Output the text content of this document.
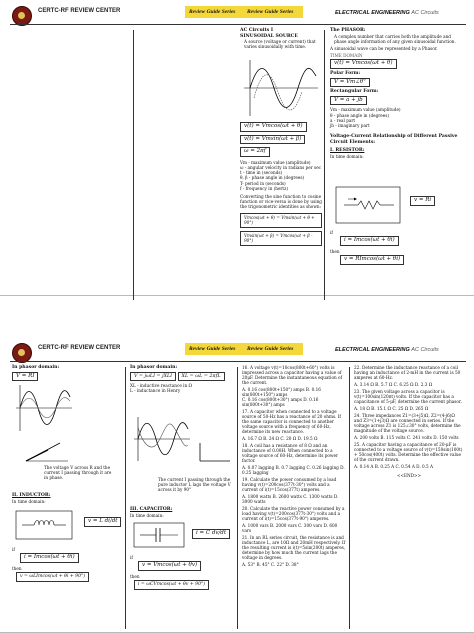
CERTC-RF REVIEW CENTER	Review Guide Series Review Guide Series	ELECTRICAL ENGINEERING AC Circuits
AC Circuits I
SINUSOIDAL SOURCE
A source (voltage or current) that varies sinusoidally with time.
v(t) = Vmcos(ωt + θ) v(t) = Vmsin(ωt + β) ω = 2πf
Vm - maximum value (amplitude)
ω - angular velocity in radians per sec
t - time in (seconds)
θ, β - phase angle in (degrees)
T- period in (seconds)
f - frequency in (hertz)
Converting the sine function to cosine function or vice-versa is done by using the trigonometric identities as shown:
Vmcos(ωt + θ) = Vmsin(ωt + θ + 90°) Vmsin(ωt + β) = Vmcos(ωt + β - 90°)
The PHASOR:
A complex number that carries both the amplitude and phase angle information of any given sinusoidal function.
A sinusoidal wave can be represented by a Phasor.
TIME DOMAIN
v(t) = Vmcos(ωt + θ)
Polar Form:
V = Vm∠θ°
Rectangular Form:
V = a + jb
Vm - maximum value (amplitude)
θ - phase angle in (degrees)
a - real part
jb - imaginary part
Voltage-Current Relationship of Different Passive Circuit Elements:
I. RESISTOR:
In time domain:
v = Ri
if
i = Imcos(ωt + θi)
then
v = RImcos(ωt + θi)
CERTC-RF REVIEW CENTER	Review Guide Series Review Guide Series	ELECTRICAL ENGINEERING AC Circuits
In phasor domain:
V = RI
The voltage V across R and the current I passing through it are in phase.
II. INDUCTOR:
In time domain:
v = L di/dt
if
i = Imcos(ωt + θi)
then
v = ωLImcos(ωt + θi + 90°)
In phasor domain:
V = jωLI = jXLI XL = ωL = 2πfL
XL - inductive reactance in Ω
L - inductance in Henry
The current I passing through the pure inductor L lags the voltage V across it by 90°
III. CAPACITOR:
In time domain:
i = C dv/dt
if
v = Vmcos(ωt + θv)
then
i = ωCVmcos(ωt + θv + 90°)
16. A voltage v(t)=10cos(800t+60°) volts is impressed across a capacitor having a value of 20μF. Determine the instantaneous equation of the current.
A. 0.16 cos(800t+150°) amps B. 0.16 sin(800t+150°) amps
C. 0.16 cos(800t+30°) amps D. 0.16 sin(800t+30°) amps
17. A capacitor when connected to a voltage source of 50-Hz has a reactance of 20 ohms. If the same capacitor is connected to another voltage source with a frequency of 60-Hz, determine its new reactance.
A. 16.7 Ω B. 24 Ω C. 20 Ω D. 19.5 Ω
18. A coil has a resistance of 8 Ω and an inductance of 0.08H. When connected to a voltage source of 60-Hz, determine its power factor.
A. 0.07 lagging B. 0.7 lagging C. 0.26 lagging D. 0.25 lagging
19. Calculate the power consumed by a load having v(t)=200cos(377t-30°) volts and a current of i(t)=15cos(377t) amperes.
A. 1800 watts B. 2600 watts C. 1300 watts D. 3000 watts
20. Calculate the reactive power consumed by a load having v(t)=200cos(377t-30°) volts and a current of i(t)=15cos(377t-90°) amperes.
A. 1000 vars B. 2000 vars C. 300 vars D. 600 vars
21. In an RL series circuit, the resistance is and inductance L, are 10Ω and 20mH respectively. If the resulting current is i(t)=5sin(200t) amperes, determine by how much the current lags the voltage in degrees.
A. 53° B. 45° C. 22° D. 38°
22. Determine the inductance reactance of a coil having an inductance of 2-mH in the current is 50 amperes at 60-Hz.
A. 3.14 Ω B. 5.7 Ω C. 6.25 Ω D. 2.3 Ω
23. The given voltage across a capacitor is v(t)=100sin(120πt) volts. If the capacitor has a capacitance of 5-μF, determine the current phasor.
A. 18 Ω B. 15.1 Ω C. 25 Ω D. 265 Ω
24. Three impedances Z1=(3+j5)Ω, Z2=(4-j6)Ω and Z3=(1+j3)Ω are connected in series. If the voltage across Z1 is 125∠30° volts, determine the magnitude of the voltage source.
A. 200 volts B. 115 volts C. 241 volts D. 150 volts
25. A capacitor having a capacitance of 20-μF is connected to a voltage source of v(t)=150sin(100t) + 50cos(400t) volts. Determine the effective value of the current drawn.
A. 0.14 A B. 0.25 A C. 0.54 A D. 0.5 A
<<END>>
